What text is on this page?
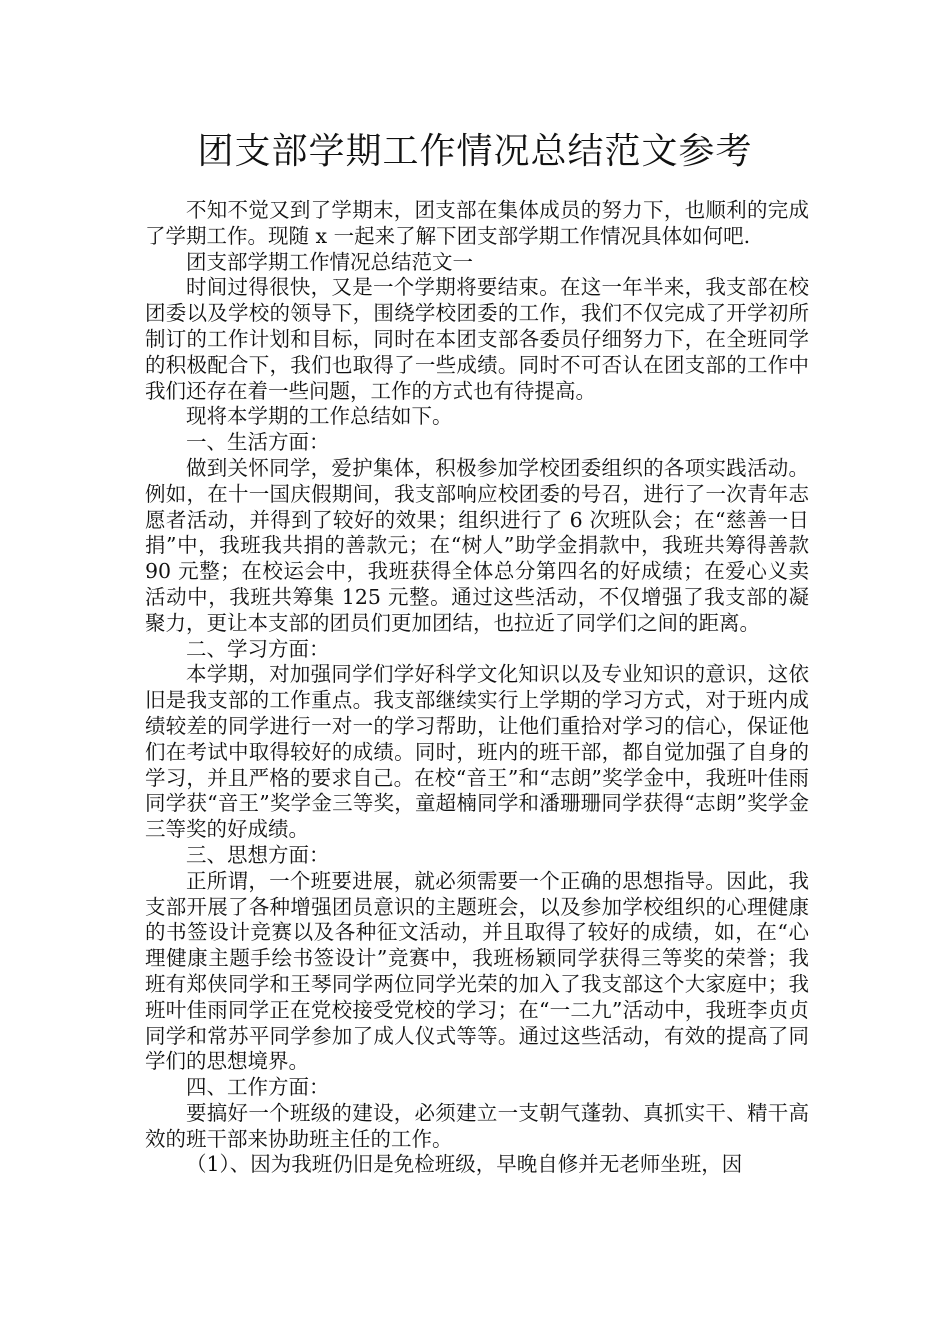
团支部学期工作情况总结范文参考

不知不觉又到了学期末，团支部在集体成员的努力下，也顺利的完成了学期工作。现随 x 一起来了解下团支部学期工作情况具体如何吧.

团支部学期工作情况总结范文一

时间过得很快，又是一个学期将要结束。在这一年半来，我支部在校团委以及学校的领导下，围绕学校团委的工作，我们不仅完成了开学初所制订的工作计划和目标，同时在本团支部各委员仔细努力下，在全班同学的积极配合下，我们也取得了一些成绩。同时不可否认在团支部的工作中我们还存在着一些问题，工作的方式也有待提高。

现将本学期的工作总结如下。

一、生活方面：

做到关怀同学，爱护集体，积极参加学校团委组织的各项实践活动。例如，在十一国庆假期间，我支部响应校团委的号召，进行了一次青年志愿者活动，并得到了较好的效果；组织进行了 6 次班队会；在“慈善一日捐”中，我班我共捐的善款元；在“树人”助学金捐款中，我班共筹得善款 90 元整；在校运会中，我班获得全体总分第四名的好成绩；在爱心义卖活动中，我班共筹集 125 元整。通过这些活动，不仅增强了我支部的凝聚力，更让本支部的团员们更加团结，也拉近了同学们之间的距离。

二、学习方面：

本学期，对加强同学们学好科学文化知识以及专业知识的意识，这依旧是我支部的工作重点。我支部继续实行上学期的学习方式，对于班内成绩较差的同学进行一对一的学习帮助，让他们重拾对学习的信心，保证他们在考试中取得较好的成绩。同时，班内的班干部，都自觉加强了自身的学习，并且严格的要求自己。在校“音王”和“志朗”奖学金中，我班叶佳雨同学获“音王”奖学金三等奖，童超楠同学和潘珊珊同学获得“志朗”奖学金三等奖的好成绩。

三、思想方面：

正所谓，一个班要进展，就必须需要一个正确的思想指导。因此，我支部开展了各种增强团员意识的主题班会，以及参加学校组织的心理健康的书签设计竞赛以及各种征文活动，并且取得了较好的成绩，如，在“心理健康主题手绘书签设计”竞赛中，我班杨颖同学获得三等奖的荣誉；我班有郑侠同学和王琴同学两位同学光荣的加入了我支部这个大家庭中；我班叶佳雨同学正在党校接受党校的学习；在“一二九”活动中，我班李贞贞同学和常苏平同学参加了成人仪式等等。通过这些活动，有效的提高了同学们的思想境界。

四、工作方面：

要搞好一个班级的建设，必须建立一支朝气蓬勃、真抓实干、精干高效的班干部来协助班主任的工作。

（1）、因为我班仍旧是免检班级，早晚自修并无老师坐班，因
